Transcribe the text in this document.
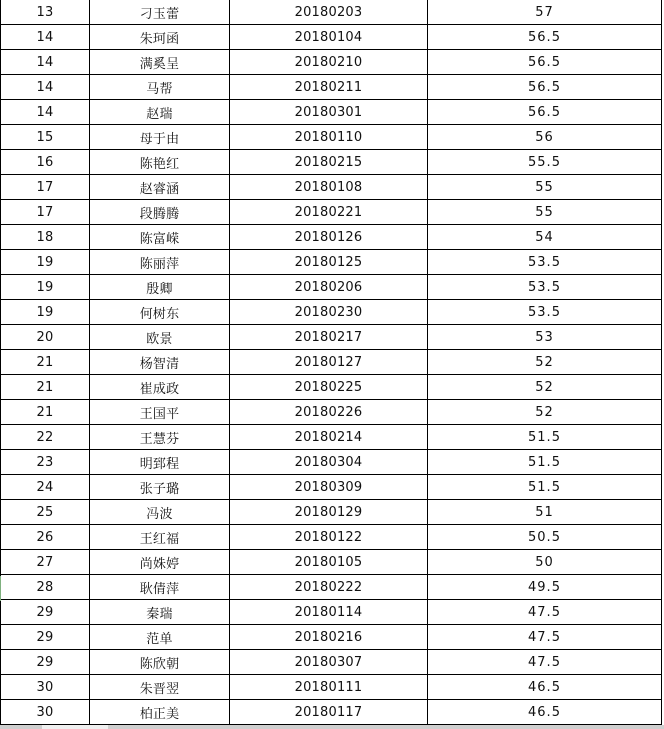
13	刁玉蕾	20180203	57
14	朱珂函	20180104	56.5
14	满奚呈	20180210	56.5
14	马帮	20180211	56.5
14	赵瑞	20180301	56.5
15	母于由	20180110	56
16	陈艳红	20180215	55.5
17	赵睿涵	20180108	55
17	段腾腾	20180221	55
18	陈富嵘	20180126	54
19	陈丽萍	20180125	53.5
19	殷卿	20180206	53.5
19	何树东	20180230	53.5
20	欧景	20180217	53
21	杨智清	20180127	52
21	崔成政	20180225	52
21	王国平	20180226	52
22	王慧芬	20180214	51.5
23	明郅程	20180304	51.5
24	张子璐	20180309	51.5
25	冯波	20180129	51
26	王红福	20180122	50.5
27	尚姝婷	20180105	50
28	耿倩萍	20180222	49.5
29	秦瑞	20180114	47.5
29	范单	20180216	47.5
29	陈欣朝	20180307	47.5
30	朱晋翌	20180111	46.5
30	柏正美	20180117	46.5
